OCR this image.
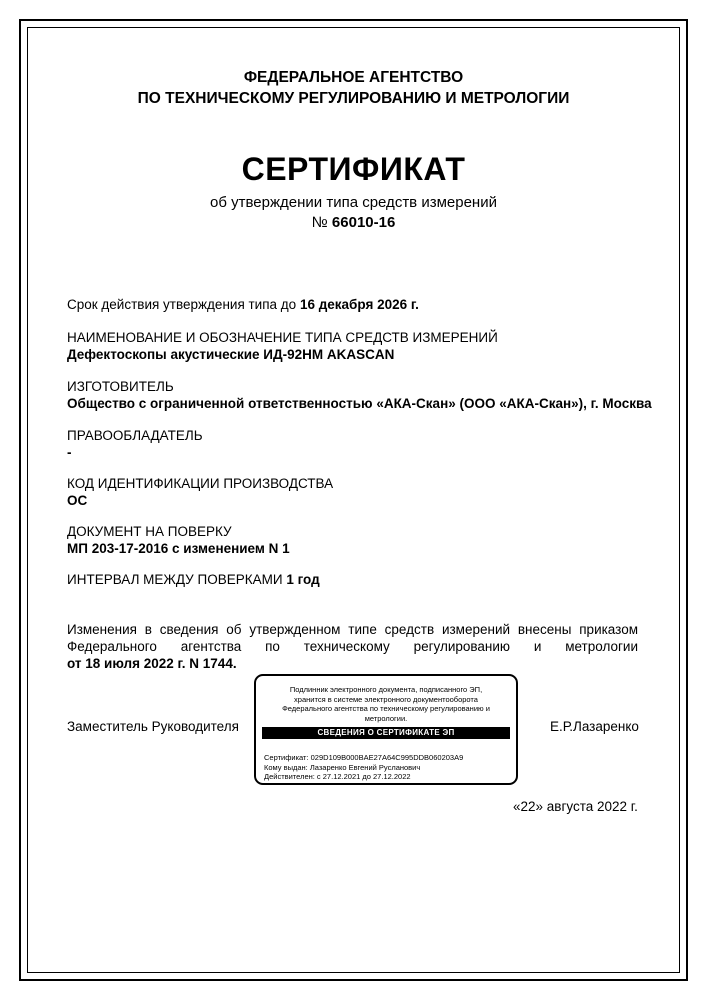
ФЕДЕРАЛЬНОЕ АГЕНТСТВО
ПО ТЕХНИЧЕСКОМУ РЕГУЛИРОВАНИЮ И МЕТРОЛОГИИ
СЕРТИФИКАТ
об утверждении типа средств измерений
№ 66010-16
Срок действия утверждения типа до 16 декабря 2026 г.
НАИМЕНОВАНИЕ И ОБОЗНАЧЕНИЕ ТИПА СРЕДСТВ ИЗМЕРЕНИЙ
Дефектоскопы акустические ИД-92НМ AKASCAN
ИЗГОТОВИТЕЛЬ
Общество с ограниченной ответственностью «АКА-Скан» (ООО «АКА-Скан»), г. Москва
ПРАВООБЛАДАТЕЛЬ
-
КОД ИДЕНТИФИКАЦИИ ПРОИЗВОДСТВА
ОС
ДОКУМЕНТ НА ПОВЕРКУ
МП 203-17-2016 с изменением N 1
ИНТЕРВАЛ МЕЖДУ ПОВЕРКАМИ 1 год
Изменения в сведения об утвержденном типе средств измерений внесены приказом
Федерального агентства по техническому регулированию и метрологии
от 18 июля 2022 г. N 1744.
Заместитель Руководителя
Подлинник электронного документа, подписанного ЭП,
хранится в системе электронного документооборота
Федерального агентства по техническому регулированию и
метрологии.
СВЕДЕНИЯ О СЕРТИФИКАТЕ ЭП
Сертификат: 029D109B000BAE27A64C995DDB060203A9
Кому выдан: Лазаренко Евгений Русланович
Действителен: с 27.12.2021 до 27.12.2022
Е.Р.Лазаренко
«22» августа 2022 г.
